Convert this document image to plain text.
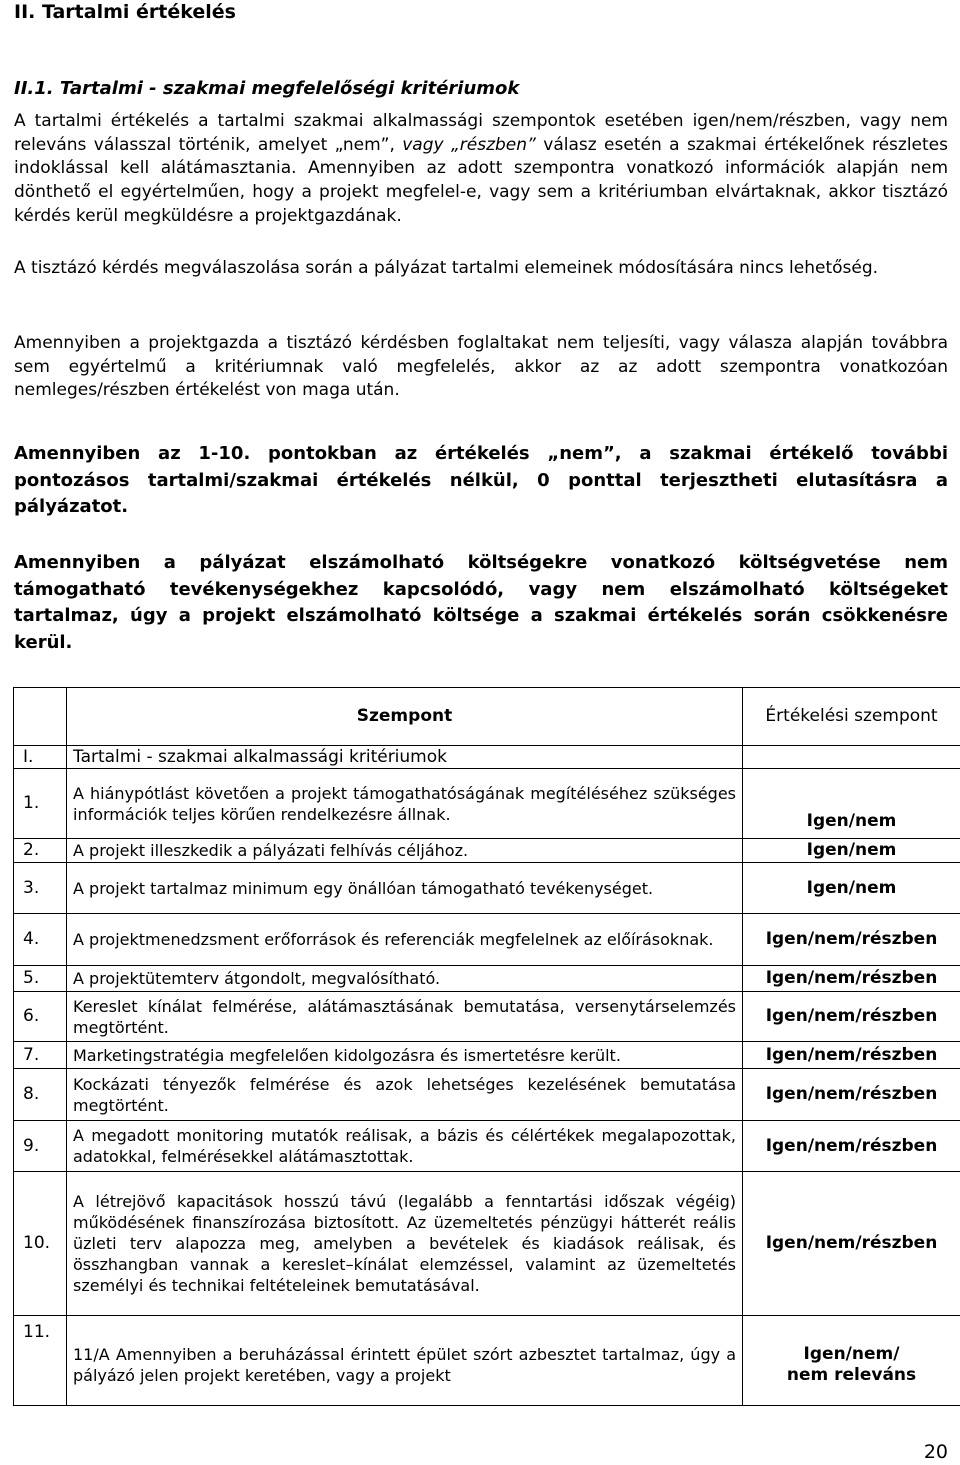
II. Tartalmi értékelés
II.1. Tartalmi - szakmai megfelelőségi kritériumok

A tartalmi értékelés a tartalmi szakmai alkalmassági szempontok esetében igen/nem/részben, vagy nem releváns válasszal történik, amelyet „nem”, vagy „részben” válasz esetén a szakmai értékelőnek részletes indoklással kell alátámasztania. Amennyiben az adott szempontra vonatkozó információk alapján nem dönthető el egyértelműen, hogy a projekt megfelel-e, vagy sem a kritériumban elvártaknak, akkor tisztázó kérdés kerül megküldésre a projektgazdának.

A tisztázó kérdés megválaszolása során a pályázat tartalmi elemeinek módosítására nincs lehetőség.

Amennyiben a projektgazda a tisztázó kérdésben foglaltakat nem teljesíti, vagy válasza alapján továbbra sem egyértelmű a kritériumnak való megfelelés, akkor az az adott szempontra vonatkozóan nemleges/részben értékelést von maga után.

Amennyiben az 1-10. pontokban az értékelés „nem”, a szakmai értékelő további pontozásos tartalmi/szakmai értékelés nélkül, 0 ponttal terjesztheti elutasításra a pályázatot.

Amennyiben a pályázat elszámolható költségekre vonatkozó költségvetése nem támogatható tevékenységekhez kapcsolódó, vagy nem elszámolható költségeket tartalmaz, úgy a projekt elszámolható költsége a szakmai értékelés során csökkenésre kerül.

	Szempont	Értékelési szempont
I.	Tartalmi - szakmai alkalmassági kritériumok	
1.	A hiánypótlást követően a projekt támogathatóságának megítéléséhez szükséges információk teljes körűen rendelkezésre állnak.	Igen/nem
2.	A projekt illeszkedik a pályázati felhívás céljához.	Igen/nem
3.	A projekt tartalmaz minimum egy önállóan támogatható tevékenységet.	Igen/nem
4.	A projektmenedzsment erőforrások és referenciák megfelelnek az előírásoknak.	Igen/nem/részben
5.	A projektütemterv átgondolt, megvalósítható.	Igen/nem/részben
6.	Kereslet kínálat felmérése, alátámasztásának bemutatása, versenytárselemzés megtörtént.	Igen/nem/részben
7.	Marketingstratégia megfelelően kidolgozásra és ismertetésre került.	Igen/nem/részben
8.	Kockázati tényezők felmérése és azok lehetséges kezelésének bemutatása megtörtént.	Igen/nem/részben
9.	A megadott monitoring mutatók reálisak, a bázis és célértékek megalapozottak, adatokkal, felmérésekkel alátámasztottak.	Igen/nem/részben
10.	A létrejövő kapacitások hosszú távú (legalább a fenntartási időszak végéig) működésének finanszírozása biztosított. Az üzemeltetés pénzügyi hátterét reális üzleti terv alapozza meg, amelyben a bevételek és kiadások reálisak, és összhangban vannak a kereslet–kínálat elemzéssel, valamint az üzemeltetés személyi és technikai feltételeinek bemutatásával.	Igen/nem/részben
11.	11/A Amennyiben a beruházással érintett épület szórt azbesztet tartalmaz, úgy a pályázó jelen projekt keretében, vagy a projekt	Igen/nem/
nem releváns
20
